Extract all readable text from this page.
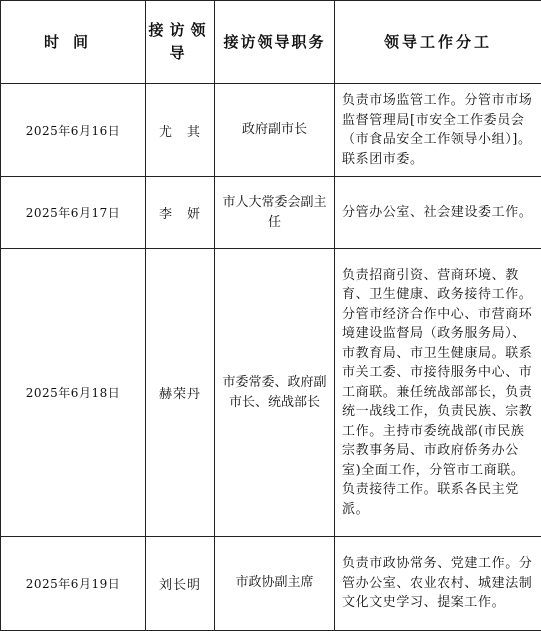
时间	接访领导	接访领导职务	领导工作分工
2025年6月16日	尤　其	政府副市长	负责市场监管工作。分管市市场监督管理局[市安全工作委员会（市食品安全工作领导小组）]。联系团市委。
2025年6月17日	李　妍	市人大常委会副主任	分管办公室、社会建设委工作。
2025年6月18日	赫荣丹	市委常委、政府副市长、统战部长	负责招商引资、营商环境、教育、卫生健康、政务接待工作。分管市经济合作中心、市营商环境建设监督局（政务服务局）、市教育局、市卫生健康局。联系市关工委、市接待服务中心、市工商联。兼任统战部部长，负责统一战线工作，负责民族、宗教工作。主持市委统战部(市民族宗教事务局、市政府侨务办公室)全面工作，分管市工商联。负责接待工作。联系各民主党派。
2025年6月19日	刘长明	市政协副主席	负责市政协常务、党建工作。分管办公室、农业农村、城建法制文化文史学习、提案工作。
